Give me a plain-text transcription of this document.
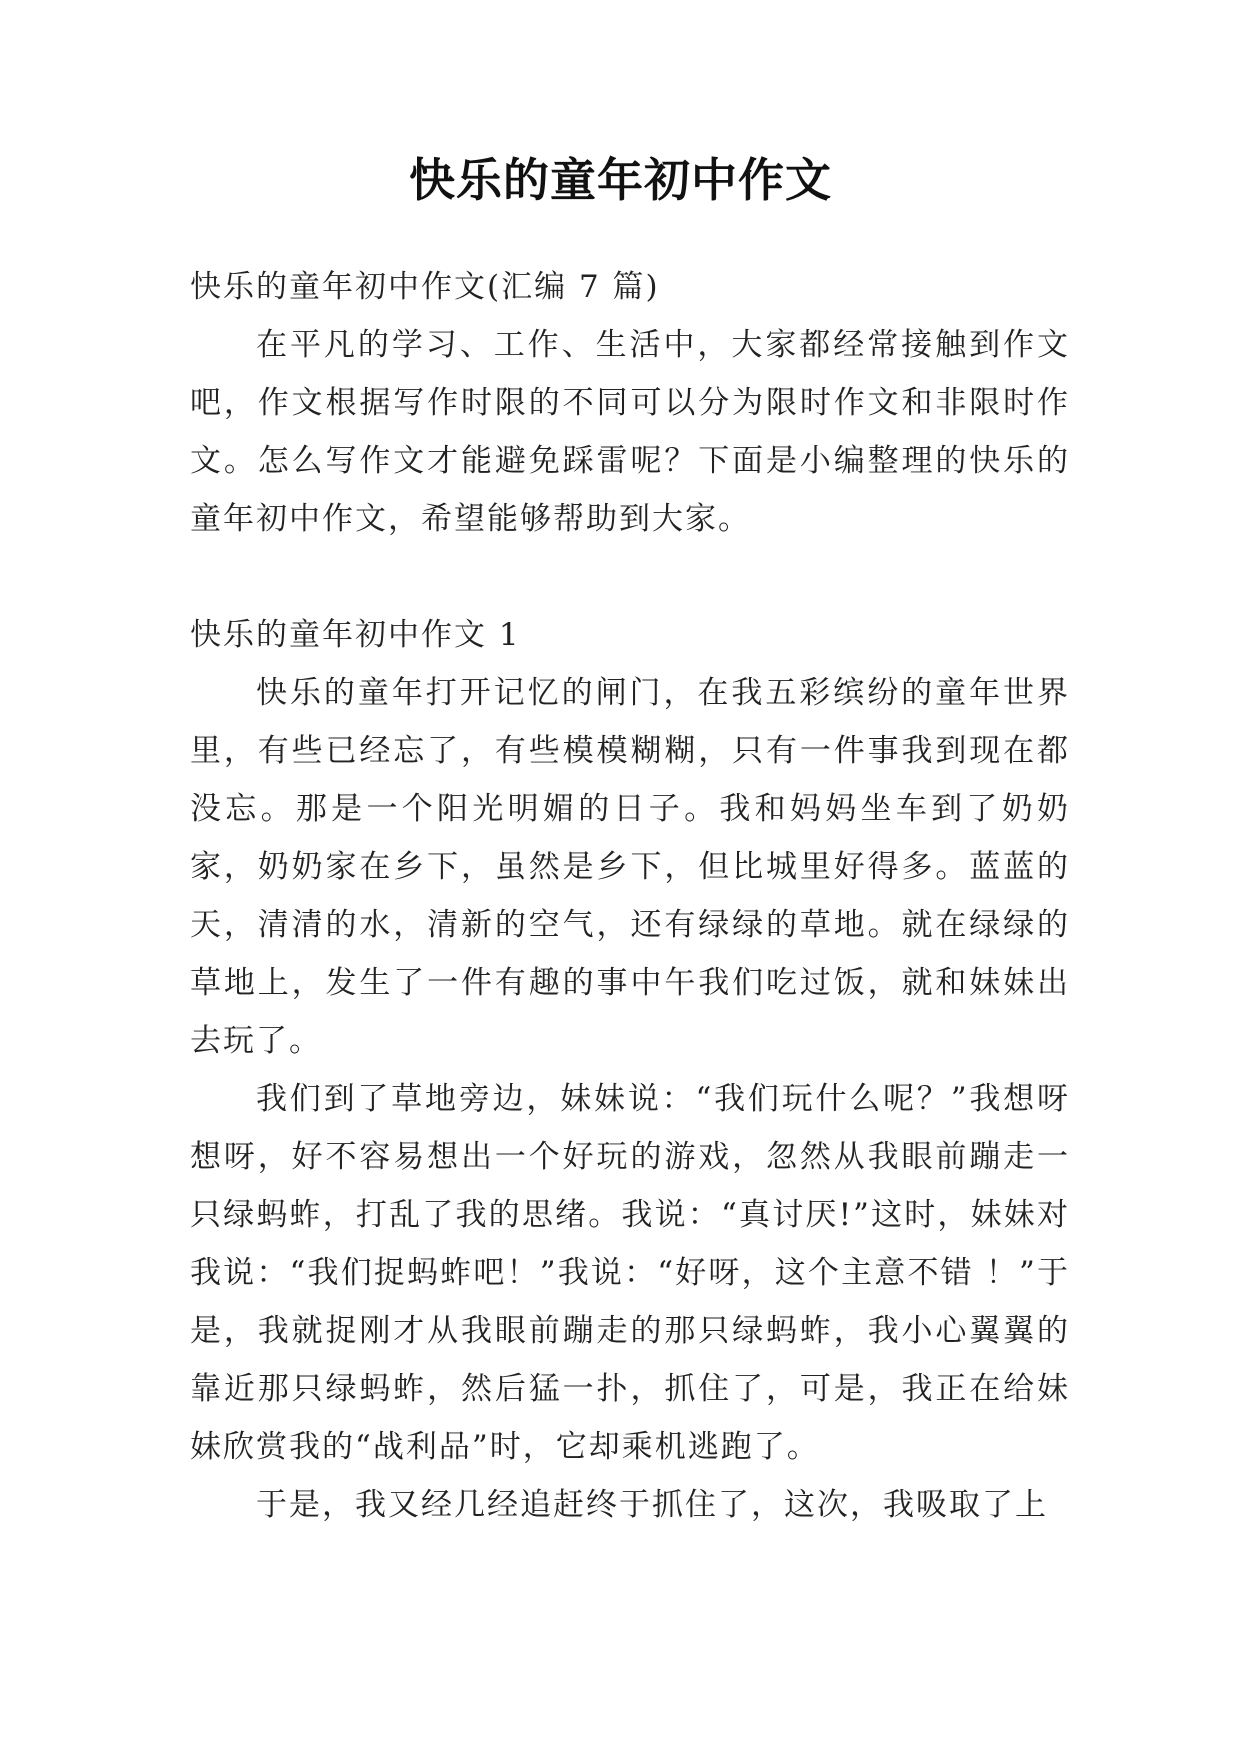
快乐的童年初中作文

快乐的童年初中作文(汇编 7 篇)

在平凡的学习、工作、生活中，大家都经常接触到作文吧，作文根据写作时限的不同可以分为限时作文和非限时作文。怎么写作文才能避免踩雷呢？下面是小编整理的快乐的童年初中作文，希望能够帮助到大家。

快乐的童年初中作文 1

快乐的童年打开记忆的闸门，在我五彩缤纷的童年世界里，有些已经忘了，有些模模糊糊，只有一件事我到现在都没忘。那是一个阳光明媚的日子。我和妈妈坐车到了奶奶家，奶奶家在乡下，虽然是乡下，但比城里好得多。蓝蓝的天，清清的水，清新的空气，还有绿绿的草地。就在绿绿的草地上，发生了一件有趣的事中午我们吃过饭，就和妹妹出去玩了。

我们到了草地旁边，妹妹说：“我们玩什么呢？”我想呀想呀，好不容易想出一个好玩的游戏，忽然从我眼前蹦走一只绿蚂蚱，打乱了我的思绪。我说：“真讨厌!”这时，妹妹对我说：“我们捉蚂蚱吧！”我说：“好呀，这个主意不错 ！”于是，我就捉刚才从我眼前蹦走的那只绿蚂蚱，我小心翼翼的靠近那只绿蚂蚱，然后猛一扑，抓住了，可是，我正在给妹妹欣赏我的“战利品”时，它却乘机逃跑了。

于是，我又经几经追赶终于抓住了，这次，我吸取了上
